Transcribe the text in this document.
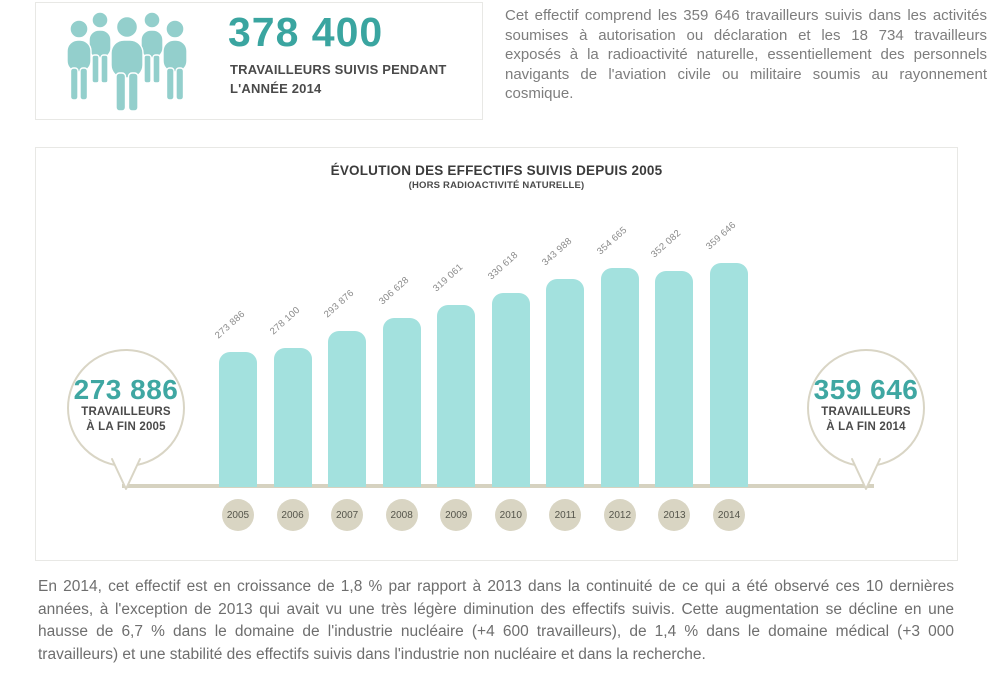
378 400
TRAVAILLEURS SUIVIS PENDANT
L'ANNÉE 2014
Cet effectif comprend les 359 646 travailleurs suivis dans les activités soumises à autorisation ou déclaration et les 18 734 travailleurs exposés à la radioactivité naturelle, essentiellement des personnels navigants de l'aviation civile ou militaire soumis au rayonnement cosmique.
ÉVOLUTION DES EFFECTIFS SUIVIS DEPUIS 2005
(HORS RADIOACTIVITÉ NATURELLE)
273 886
2005
278 100
2006
293 876
2007
306 628
2008
319 061
2009
330 618
2010
343 988
2011
354 665
2012
352 082
2013
359 646
2014
273 886
TRAVAILLEURS
À LA FIN 2005
359 646
TRAVAILLEURS
À LA FIN 2014
En 2014, cet effectif est en croissance de 1,8 % par rapport à 2013 dans la continuité de ce qui a été observé ces 10 dernières années, à l'exception de 2013 qui avait vu une très légère diminution des effectifs suivis. Cette augmentation se décline en une hausse de 6,7 % dans le domaine de l'industrie nucléaire (+4 600 travailleurs), de 1,4 % dans le domaine médical (+3 000 travailleurs) et une stabilité des effectifs suivis dans l'industrie non nucléaire et dans la recherche.
